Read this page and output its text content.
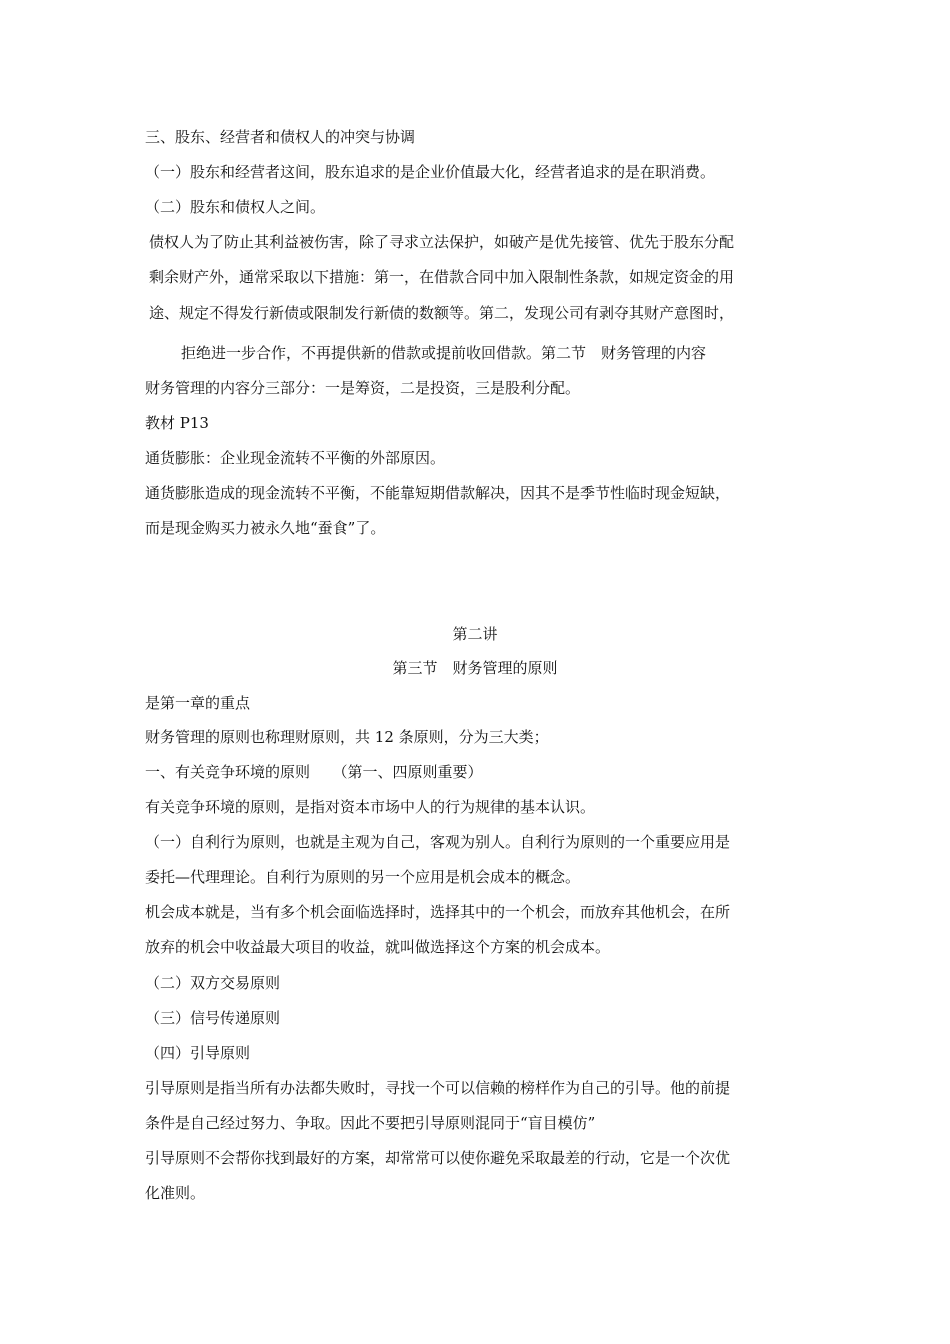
三、股东、经营者和债权人的冲突与协调
（一）股东和经营者这间，股东追求的是企业价值最大化，经营者追求的是在职消费。
（二）股东和债权人之间。
债权人为了防止其利益被伤害，除了寻求立法保护，如破产是优先接管、优先于股东分配
剩余财产外，通常采取以下措施：第一，在借款合同中加入限制性条款，如规定资金的用
途、规定不得发行新债或限制发行新债的数额等。第二，发现公司有剥夺其财产意图时，
拒绝进一步合作，不再提供新的借款或提前收回借款。第二节　财务管理的内容
财务管理的内容分三部分：一是筹资，二是投资，三是股利分配。
教材 P13
通货膨胀：企业现金流转不平衡的外部原因。
通货膨胀造成的现金流转不平衡，不能靠短期借款解决，因其不是季节性临时现金短缺，
而是现金购买力被永久地“蚕食”了。
第二讲
第三节　财务管理的原则
是第一章的重点
财务管理的原则也称理财原则，共 12 条原则，分为三大类；
一、有关竞争环境的原则　　（第一、四原则重要）
有关竞争环境的原则，是指对资本市场中人的行为规律的基本认识。
（一）自利行为原则，也就是主观为自己，客观为别人。自利行为原则的一个重要应用是
委托—代理理论。自利行为原则的另一个应用是机会成本的概念。
机会成本就是，当有多个机会面临选择时，选择其中的一个机会，而放弃其他机会，在所
放弃的机会中收益最大项目的收益，就叫做选择这个方案的机会成本。
（二）双方交易原则
（三）信号传递原则
（四）引导原则
引导原则是指当所有办法都失败时，寻找一个可以信赖的榜样作为自己的引导。他的前提
条件是自己经过努力、争取。因此不要把引导原则混同于“盲目模仿”
引导原则不会帮你找到最好的方案，却常常可以使你避免采取最差的行动，它是一个次优
化准则。
